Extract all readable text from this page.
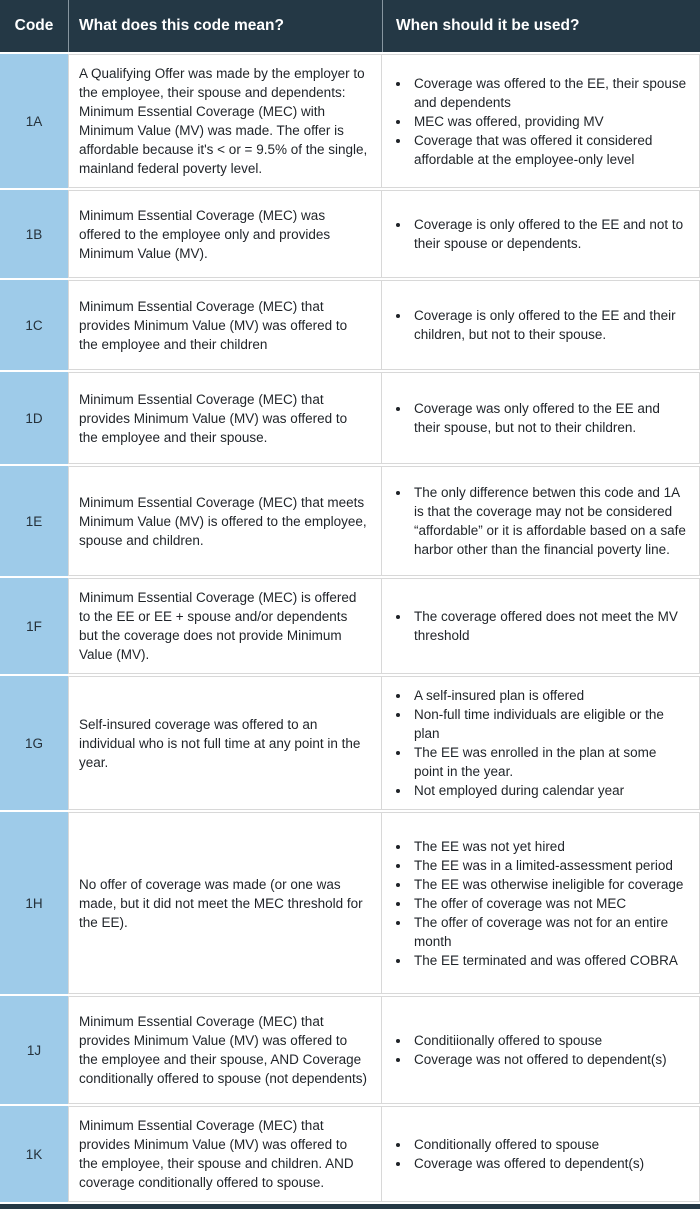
Code	What does this code mean?	When should it be used?
1A
A Qualifying Offer was made by the employer to the employee, their spouse and dependents: Minimum Essential Coverage (MEC) with Minimum Value (MV) was made. The offer is affordable because it's < or = 9.5% of the single, mainland federal poverty level.
• Coverage was offered to the EE, their spouse and dependents
• MEC was offered, providing MV
• Coverage that was offered it considered affordable at the employee-only level
1B
Minimum Essential Coverage (MEC) was offered to the employee only and provides Minimum Value (MV).
• Coverage is only offered to the EE and not to their spouse or dependents.
1C
Minimum Essential Coverage (MEC) that provides Minimum Value (MV) was offered to the employee and their children
• Coverage is only offered to the EE and their children, but not to their spouse.
1D
Minimum Essential Coverage (MEC) that provides Minimum Value (MV) was offered to the employee and their spouse.
• Coverage was only offered to the EE and their spouse, but not to their children.
1E
Minimum Essential Coverage (MEC) that meets Minimum Value (MV) is offered to the employee, spouse and children.
• The only difference betwen this code and 1A is that the coverage may not be considered “affordable” or it is affordable based on a safe harbor other than the financial poverty line.
1F
Minimum Essential Coverage (MEC) is offered to the EE or EE + spouse and/or dependents but the coverage does not provide Minimum Value (MV).
• The coverage offered does not meet the MV threshold
1G
Self-insured coverage was offered to an individual who is not full time at any point in the year.
• A self-insured plan is offered
• Non-full time individuals are eligible or the plan
• The EE was enrolled in the plan at some point in the year.
• Not employed during calendar year
1H
No offer of coverage was made (or one was made, but it did not meet the MEC threshold for the EE).
• The EE was not yet hired
• The EE was in a limited-assessment period
• The EE was otherwise ineligible for coverage
• The offer of coverage was not MEC
• The offer of coverage was not for an entire month
• The EE terminated and was offered COBRA
1J
Minimum Essential Coverage (MEC) that provides Minimum Value (MV) was offered to the employee and their spouse, AND Coverage conditionally offered to spouse (not dependents)
• Conditiionally offered to spouse
• Coverage was not offered to dependent(s)
1K
Minimum Essential Coverage (MEC) that provides Minimum Value (MV) was offered to the employee, their spouse and children. AND coverage conditionally offered to spouse.
• Conditionally offered to spouse
• Coverage was offered to dependent(s)
